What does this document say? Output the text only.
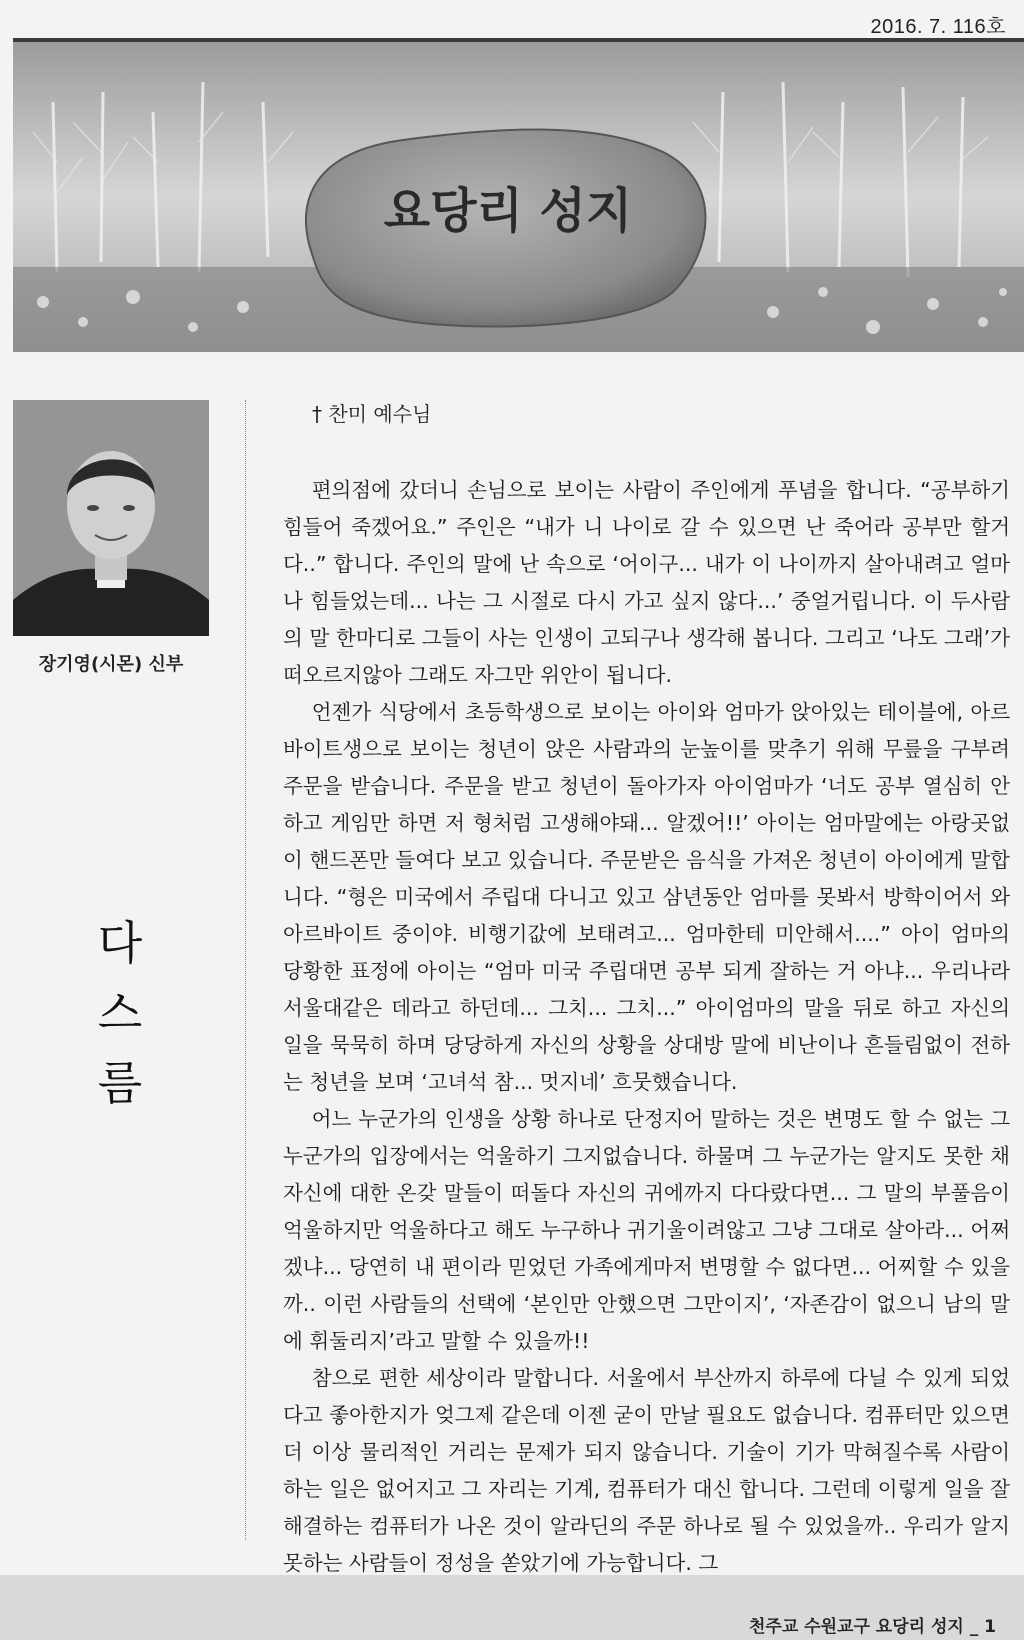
2016. 7. 116호
요당리 성지
장기영(시몬) 신부
다
스
름
† 찬미 예수님

편의점에 갔더니 손님으로 보이는 사람이 주인에게 푸념을 합니다. “공부하기 힘들어 죽겠어요.” 주인은 “내가 니 나이로 갈 수 있으면 난 죽어라 공부만 할거다..” 합니다. 주인의 말에 난 속으로 ‘어이구... 내가 이 나이까지 살아내려고 얼마나 힘들었는데... 나는 그 시절로 다시 가고 싶지 않다...’ 중얼거립니다. 이 두사람의 말 한마디로 그들이 사는 인생이 고되구나 생각해 봅니다. 그리고 ‘나도 그래’가 떠오르지않아 그래도 자그만 위안이 됩니다.

언젠가 식당에서 초등학생으로 보이는 아이와 엄마가 앉아있는 테이블에, 아르바이트생으로 보이는 청년이 앉은 사람과의 눈높이를 맞추기 위해 무릎을 구부려 주문을 받습니다. 주문을 받고 청년이 돌아가자 아이엄마가 ‘너도 공부 열심히 안하고 게임만 하면 저 형처럼 고생해야돼... 알겠어!!’ 아이는 엄마말에는 아랑곳없이 핸드폰만 들여다 보고 있습니다. 주문받은 음식을 가져온 청년이 아이에게 말합니다. “형은 미국에서 주립대 다니고 있고 삼년동안 엄마를 못봐서 방학이어서 와 아르바이트 중이야. 비행기값에 보태려고... 엄마한테 미안해서....” 아이 엄마의 당황한 표정에 아이는 “엄마 미국 주립대면 공부 되게 잘하는 거 아냐... 우리나라 서울대같은 데라고 하던데... 그치... 그치...” 아이엄마의 말을 뒤로 하고 자신의 일을 묵묵히 하며 당당하게 자신의 상황을 상대방 말에 비난이나 흔들림없이 전하는 청년을 보며 ‘고녀석 참... 멋지네’ 흐뭇했습니다.

어느 누군가의 인생을 상황 하나로 단정지어 말하는 것은 변명도 할 수 없는 그 누군가의 입장에서는 억울하기 그지없습니다. 하물며 그 누군가는 알지도 못한 채 자신에 대한 온갖 말들이 떠돌다 자신의 귀에까지 다다랐다면... 그 말의 부풀음이 억울하지만 억울하다고 해도 누구하나 귀기울이려않고 그냥 그대로 살아라... 어쩌겠냐... 당연히 내 편이라 믿었던 가족에게마저 변명할 수 없다면... 어찌할 수 있을까.. 이런 사람들의 선택에 ‘본인만 안했으면 그만이지’, ‘자존감이 없으니 남의 말에 휘둘리지’라고 말할 수 있을까!!

참으로 편한 세상이라 말합니다. 서울에서 부산까지 하루에 다닐 수 있게 되었다고 좋아한지가 엊그제 같은데 이젠 굳이 만날 필요도 없습니다. 컴퓨터만 있으면 더 이상 물리적인 거리는 문제가 되지 않습니다. 기술이 기가 막혀질수록 사람이 하는 일은 없어지고 그 자리는 기계, 컴퓨터가 대신 합니다. 그런데 이렇게 일을 잘 해결하는 컴퓨터가 나온 것이 알라딘의 주문 하나로 될 수 있었을까.. 우리가 알지 못하는 사람들이 정성을 쏟았기에 가능합니다. 그

천주교 수원교구 요당리 성지 _ 1
